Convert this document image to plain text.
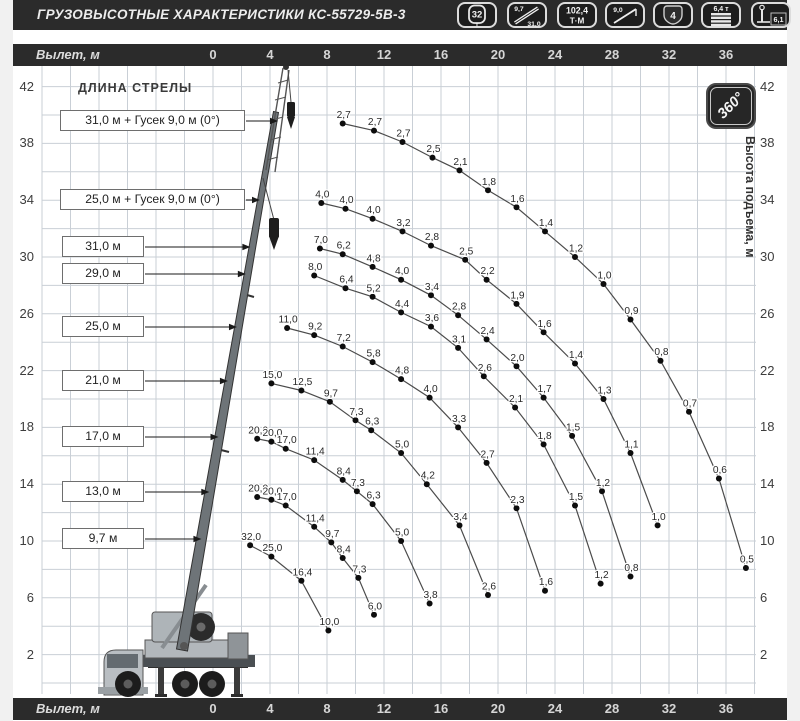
2,7
2,7
2,7
2,5
2,1
1,8
1,6
1,4
1,2
1,0
0,9
0,8
0,7
0,6
0,5
4,0
4,0
4,0
3,2
2,8
2,5
2,2
1,9
1,6
1,4
1,3
1,1
1,0
7,0
6,2
4,8
4,0
3,4
2,8
2,4
2,0
1,7
1,5
1,2
0,8
8,0
6,4
5,2
4,4
3,6
3,1
2,6
2,1
1,8
1,5
1,2
11,0
9,2
7,2
5,8
4,8
4,0
3,3
2,7
2,3
1,6
15,0
12,5
9,7
7,3
6,3
5,0
4,2
3,4
2,6
20,0
20,0
17,0
11,4
8,4
7,3
6,3
5,0
3,8
20,0
20,0
17,0
11,4
9,7
8,4
7,3
6,0
32,0
25,0
16,4
10,0
ГРУЗОВЫСОТНЫЕ ХАРАКТЕРИСТИКИ КС-55729-5В-3	32
т
9,7
31,0
102,4
Т·М
9,0
4
6,4 т
6,1
Вылет, м
Вылет, м
ДЛИНА СТРЕЛЫ
Высота подъема, м
360°
31,0 м + Гусек 9,0 м (0°)
25,0 м + Гусек 9,0 м (0°)
31,0 м
29,0 м
25,0 м
21,0 м
17,0 м
13,0 м
9,7 м
0	4	8	12	16	20	24	28	32	36
0	4	8	12	16	20	24	28	32	36
42	42
38	38
34	34
30	30
26	26
22	22
18	18
14	14
10	10
6	6
2	2
